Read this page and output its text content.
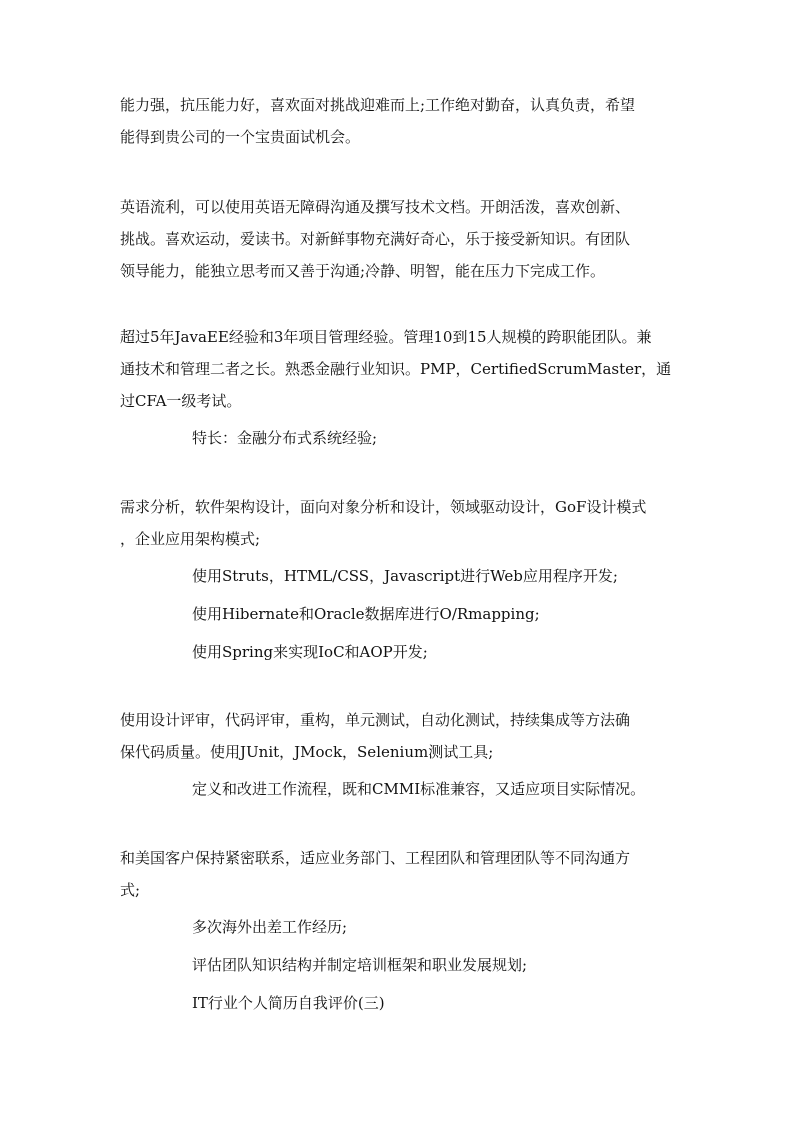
能力强，抗压能力好，喜欢面对挑战迎难而上;工作绝对勤奋，认真负责，希望
能得到贵公司的一个宝贵面试机会。
英语流利，可以使用英语无障碍沟通及撰写技术文档。开朗活泼，喜欢创新、
挑战。喜欢运动，爱读书。对新鲜事物充满好奇心，乐于接受新知识。有团队
领导能力，能独立思考而又善于沟通;冷静、明智，能在压力下完成工作。
超过5年JavaEE经验和3年项目管理经验。管理10到15人规模的跨职能团队。兼
通技术和管理二者之长。熟悉金融行业知识。PMP，CertifiedScrumMaster，通
过CFA一级考试。
特长：金融分布式系统经验;
需求分析，软件架构设计，面向对象分析和设计，领域驱动设计，GoF设计模式
，企业应用架构模式;
使用Struts，HTML/CSS，Javascript进行Web应用程序开发;
使用Hibernate和Oracle数据库进行O/Rmapping;
使用Spring来实现IoC和AOP开发;
使用设计评审，代码评审，重构，单元测试，自动化测试，持续集成等方法确
保代码质量。使用JUnit，JMock，Selenium测试工具;
定义和改进工作流程，既和CMMI标准兼容，又适应项目实际情况。
和美国客户保持紧密联系，适应业务部门、工程团队和管理团队等不同沟通方
式;
多次海外出差工作经历;
评估团队知识结构并制定培训框架和职业发展规划;
IT行业个人简历自我评价(三)
